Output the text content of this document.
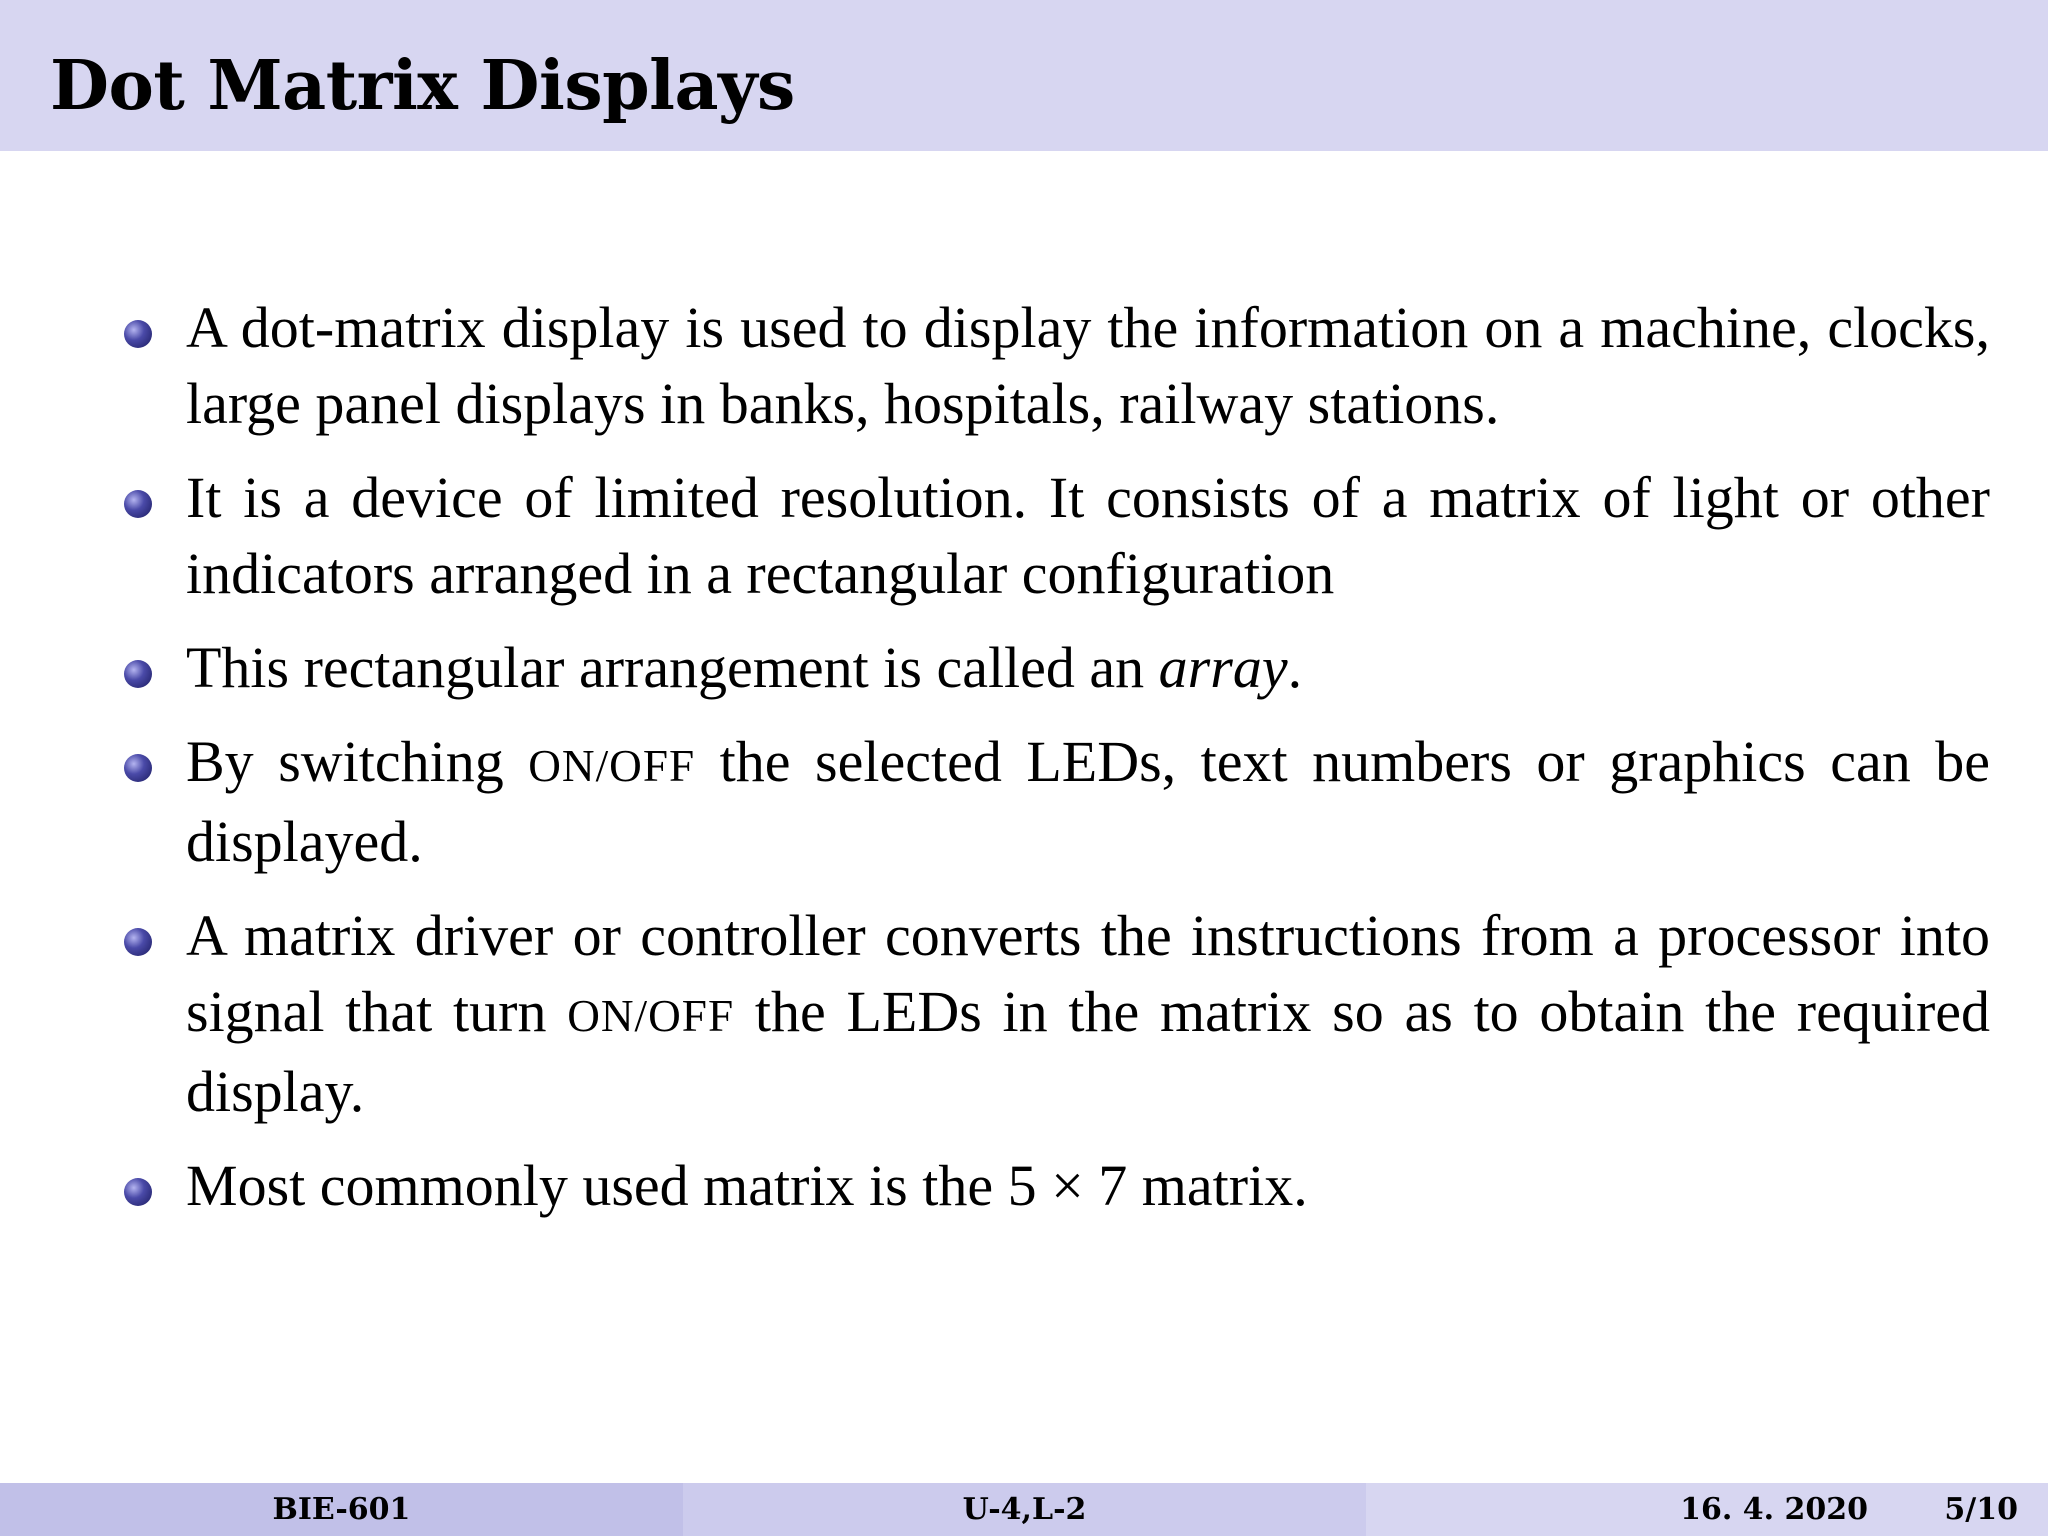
Dot Matrix Displays
A dot-matrix display is used to display the information on a machine, clocks, large panel displays in banks, hospitals, railway stations.
It is a device of limited resolution. It consists of a matrix of light or other indicators arranged in a rectangular configuration
This rectangular arrangement is called an array.
By switching ON/OFF the selected LEDs, text numbers or graphics can be displayed.
A matrix driver or controller converts the instructions from a processor into signal that turn ON/OFF the LEDs in the matrix so as to obtain the required display.
Most commonly used matrix is the 5 × 7 matrix.
BIE-601	U-4,L-2	16. 4. 2020	5/10
